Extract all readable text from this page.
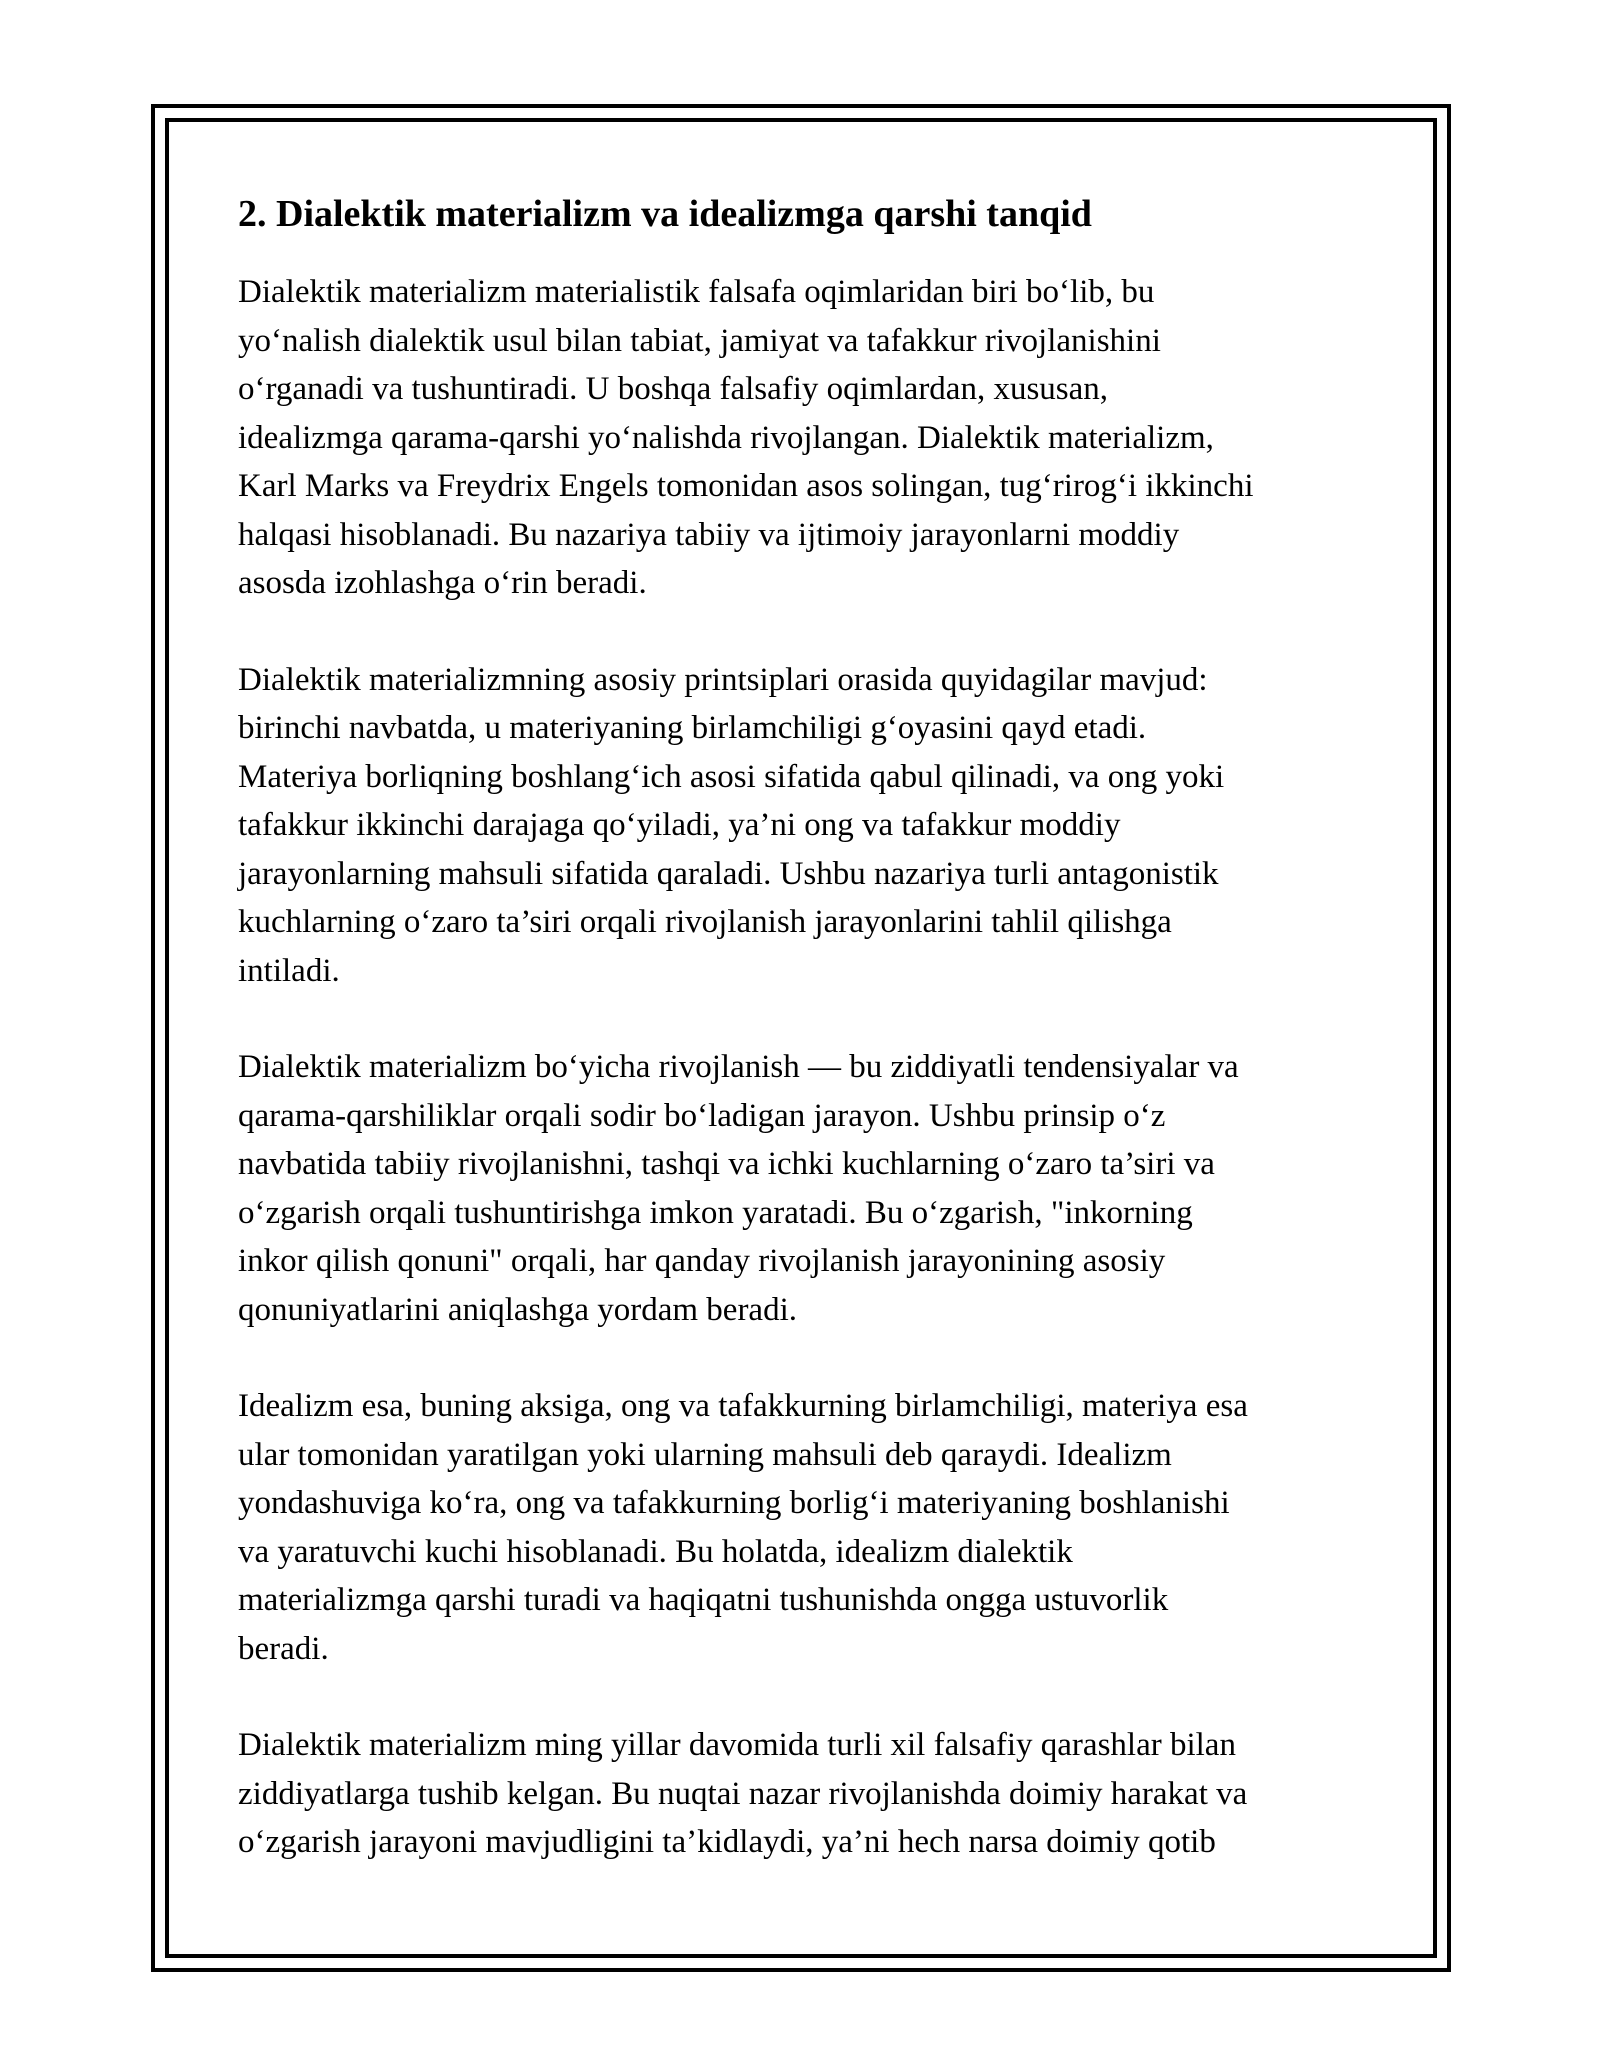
2. Dialektik materializm va idealizmga qarshi tanqid

Dialektik materializm materialistik falsafa oqimlaridan biri bo‘lib, bu
yo‘nalish dialektik usul bilan tabiat, jamiyat va tafakkur rivojlanishini
o‘rganadi va tushuntiradi. U boshqa falsafiy oqimlardan, xususan,
idealizmga qarama-qarshi yo‘nalishda rivojlangan. Dialektik materializm,
Karl Marks va Freydrix Engels tomonidan asos solingan, tug‘rirog‘i ikkinchi
halqasi hisoblanadi. Bu nazariya tabiiy va ijtimoiy jarayonlarni moddiy
asosda izohlashga o‘rin beradi.

Dialektik materializmning asosiy printsiplari orasida quyidagilar mavjud:
birinchi navbatda, u materiyaning birlamchiligi g‘oyasini qayd etadi.
Materiya borliqning boshlang‘ich asosi sifatida qabul qilinadi, va ong yoki
tafakkur ikkinchi darajaga qo‘yiladi, ya’ni ong va tafakkur moddiy
jarayonlarning mahsuli sifatida qaraladi. Ushbu nazariya turli antagonistik
kuchlarning o‘zaro ta’siri orqali rivojlanish jarayonlarini tahlil qilishga
intiladi.

Dialektik materializm bo‘yicha rivojlanish — bu ziddiyatli tendensiyalar va
qarama-qarshiliklar orqali sodir bo‘ladigan jarayon. Ushbu prinsip o‘z
navbatida tabiiy rivojlanishni, tashqi va ichki kuchlarning o‘zaro ta’siri va
o‘zgarish orqali tushuntirishga imkon yaratadi. Bu o‘zgarish, "inkorning
inkor qilish qonuni" orqali, har qanday rivojlanish jarayonining asosiy
qonuniyatlarini aniqlashga yordam beradi.

Idealizm esa, buning aksiga, ong va tafakkurning birlamchiligi, materiya esa
ular tomonidan yaratilgan yoki ularning mahsuli deb qaraydi. Idealizm
yondashuviga ko‘ra, ong va tafakkurning borlig‘i materiyaning boshlanishi
va yaratuvchi kuchi hisoblanadi. Bu holatda, idealizm dialektik
materializmga qarshi turadi va haqiqatni tushunishda ongga ustuvorlik
beradi.

Dialektik materializm ming yillar davomida turli xil falsafiy qarashlar bilan
ziddiyatlarga tushib kelgan. Bu nuqtai nazar rivojlanishda doimiy harakat va
o‘zgarish jarayoni mavjudligini ta’kidlaydi, ya’ni hech narsa doimiy qotib
